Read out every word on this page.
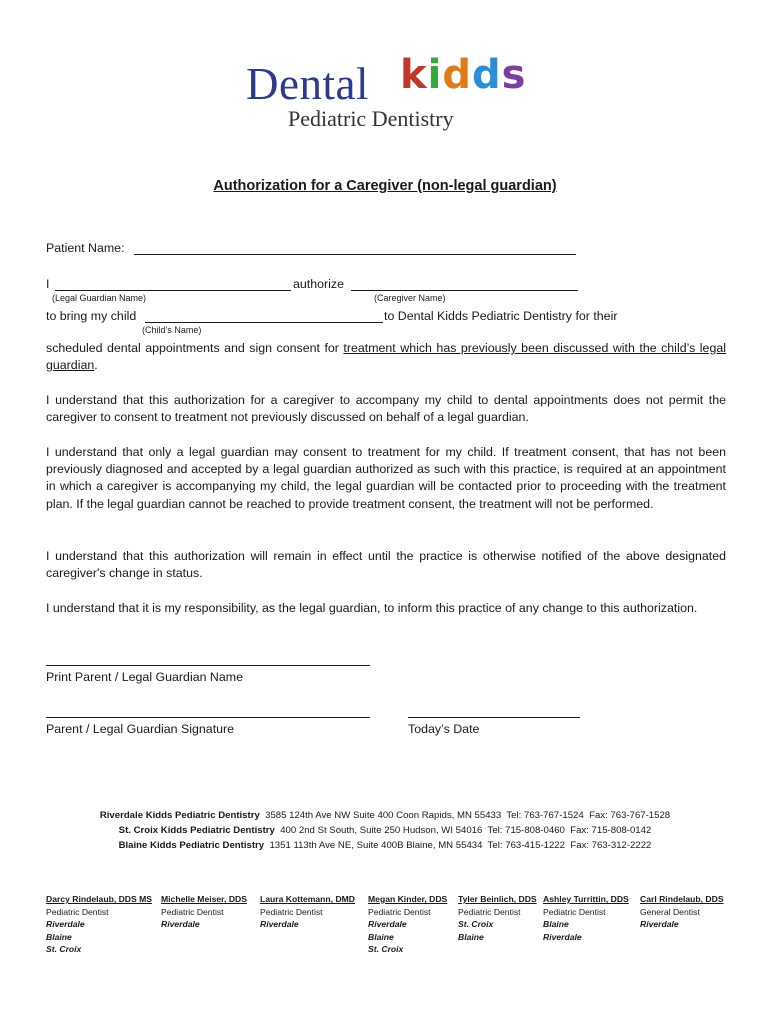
Dental kidds
Pediatric Dentistry
Authorization for a Caregiver (non-legal guardian)
Patient Name:
I	authorize
(Legal Guardian Name)	(Caregiver Name)
to bring my child	to Dental Kidds Pediatric Dentistry for their
(Child’s Name)
scheduled dental appointments and sign consent for treatment which has previously been discussed with the child’s legal guardian.
I understand that this authorization for a caregiver to accompany my child to dental appointments does not permit the caregiver to consent to treatment not previously discussed on behalf of a legal guardian.
I understand that only a legal guardian may consent to treatment for my child. If treatment consent, that has not been previously diagnosed and accepted by a legal guardian authorized as such with this practice, is required at an appointment in which a caregiver is accompanying my child, the legal guardian will be contacted prior to proceeding with the treatment plan. If the legal guardian cannot be reached to provide treatment consent, the treatment will not be performed.
I understand that this authorization will remain in effect until the practice is otherwise notified of the above designated caregiver's change in status.
I understand that it is my responsibility, as the legal guardian, to inform this practice of any change to this authorization.
Print Parent / Legal Guardian Name
Parent / Legal Guardian Signature	Today’s Date
Riverdale Kidds Pediatric Dentistry 3585 124th Ave NW Suite 400 Coon Rapids, MN 55433 Tel: 763-767-1524 Fax: 763-767-1528
St. Croix Kidds Pediatric Dentistry 400 2nd St South, Suite 250 Hudson, WI 54016 Tel: 715-808-0460 Fax: 715-808-0142
Blaine Kidds Pediatric Dentistry 1351 113th Ave NE, Suite 400B Blaine, MN 55434 Tel: 763-415-1222 Fax: 763-312-2222
Darcy Rindelaub, DDS MS
Pediatric Dentist
Riverdale
Blaine
St. Croix
Michelle Meiser, DDS
Pediatric Dentist
Riverdale
Laura Kottemann, DMD
Pediatric Dentist
Riverdale
Megan Kinder, DDS
Pediatric Dentist
Riverdale
Blaine
St. Croix
Tyler Beinlich, DDS
Pediatric Dentist
St. Croix
Blaine
Ashley Turrittin, DDS
Pediatric Dentist
Blaine
Riverdale
Carl Rindelaub, DDS
General Dentist
Riverdale
